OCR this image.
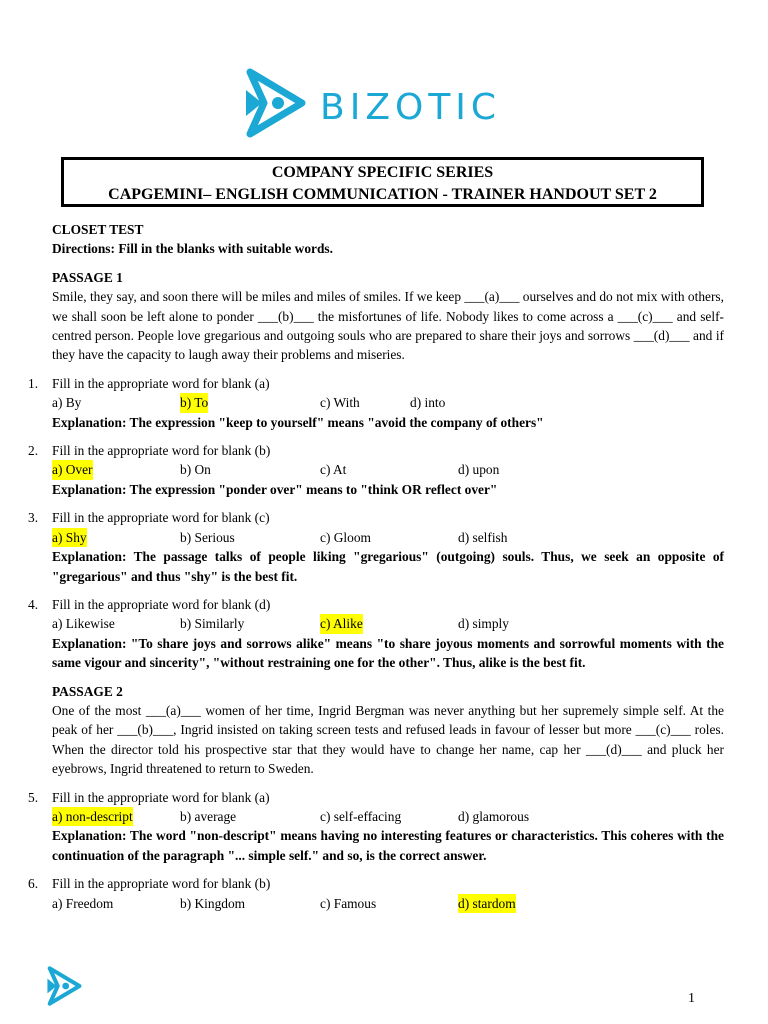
BIZOTIC
COMPANY SPECIFIC SERIES
CAPGEMINI– ENGLISH COMMUNICATION - TRAINER HANDOUT SET 2
CLOSET TEST
Directions: Fill in the blanks with suitable words.
PASSAGE 1
Smile, they say, and soon there will be miles and miles of smiles. If we keep ___(a)___ ourselves and do not mix with others, we shall soon be left alone to ponder ___(b)___ the misfortunes of life. Nobody likes to come across a ___(c)___ and self-centred person. People love gregarious and outgoing souls who are prepared to share their joys and sorrows ___(d)___ and if they have the capacity to laugh away their problems and miseries.
1. Fill in the appropriate word for blank (a)
a) By	b) To	c) With	d) into
Explanation: The expression "keep to yourself" means "avoid the company of others"
2. Fill in the appropriate word for blank (b)
a) Over	b) On	c) At	d) upon
Explanation: The expression "ponder over" means to "think OR reflect over"
3. Fill in the appropriate word for blank (c)
a) Shy	b) Serious	c) Gloom	d) selfish
Explanation: The passage talks of people liking "gregarious" (outgoing) souls. Thus, we seek an opposite of "gregarious" and thus "shy" is the best fit.
4. Fill in the appropriate word for blank (d)
a) Likewise	b) Similarly	c) Alike	d) simply
Explanation: "To share joys and sorrows alike" means "to share joyous moments and sorrowful moments with the same vigour and sincerity", "without restraining one for the other". Thus, alike is the best fit.
PASSAGE 2
One of the most ___(a)___ women of her time, Ingrid Bergman was never anything but her supremely simple self. At the peak of her ___(b)___, Ingrid insisted on taking screen tests and refused leads in favour of lesser but more ___(c)___ roles. When the director told his prospective star that they would have to change her name, cap her ___(d)___ and pluck her eyebrows, Ingrid threatened to return to Sweden.
5. Fill in the appropriate word for blank (a)
a) non-descript	b) average	c) self-effacing	d) glamorous
Explanation: The word "non-descript" means having no interesting features or characteristics. This coheres with the continuation of the paragraph "... simple self." and so, is the correct answer.
6. Fill in the appropriate word for blank (b)
a) Freedom	b) Kingdom	c) Famous	d) stardom
1
